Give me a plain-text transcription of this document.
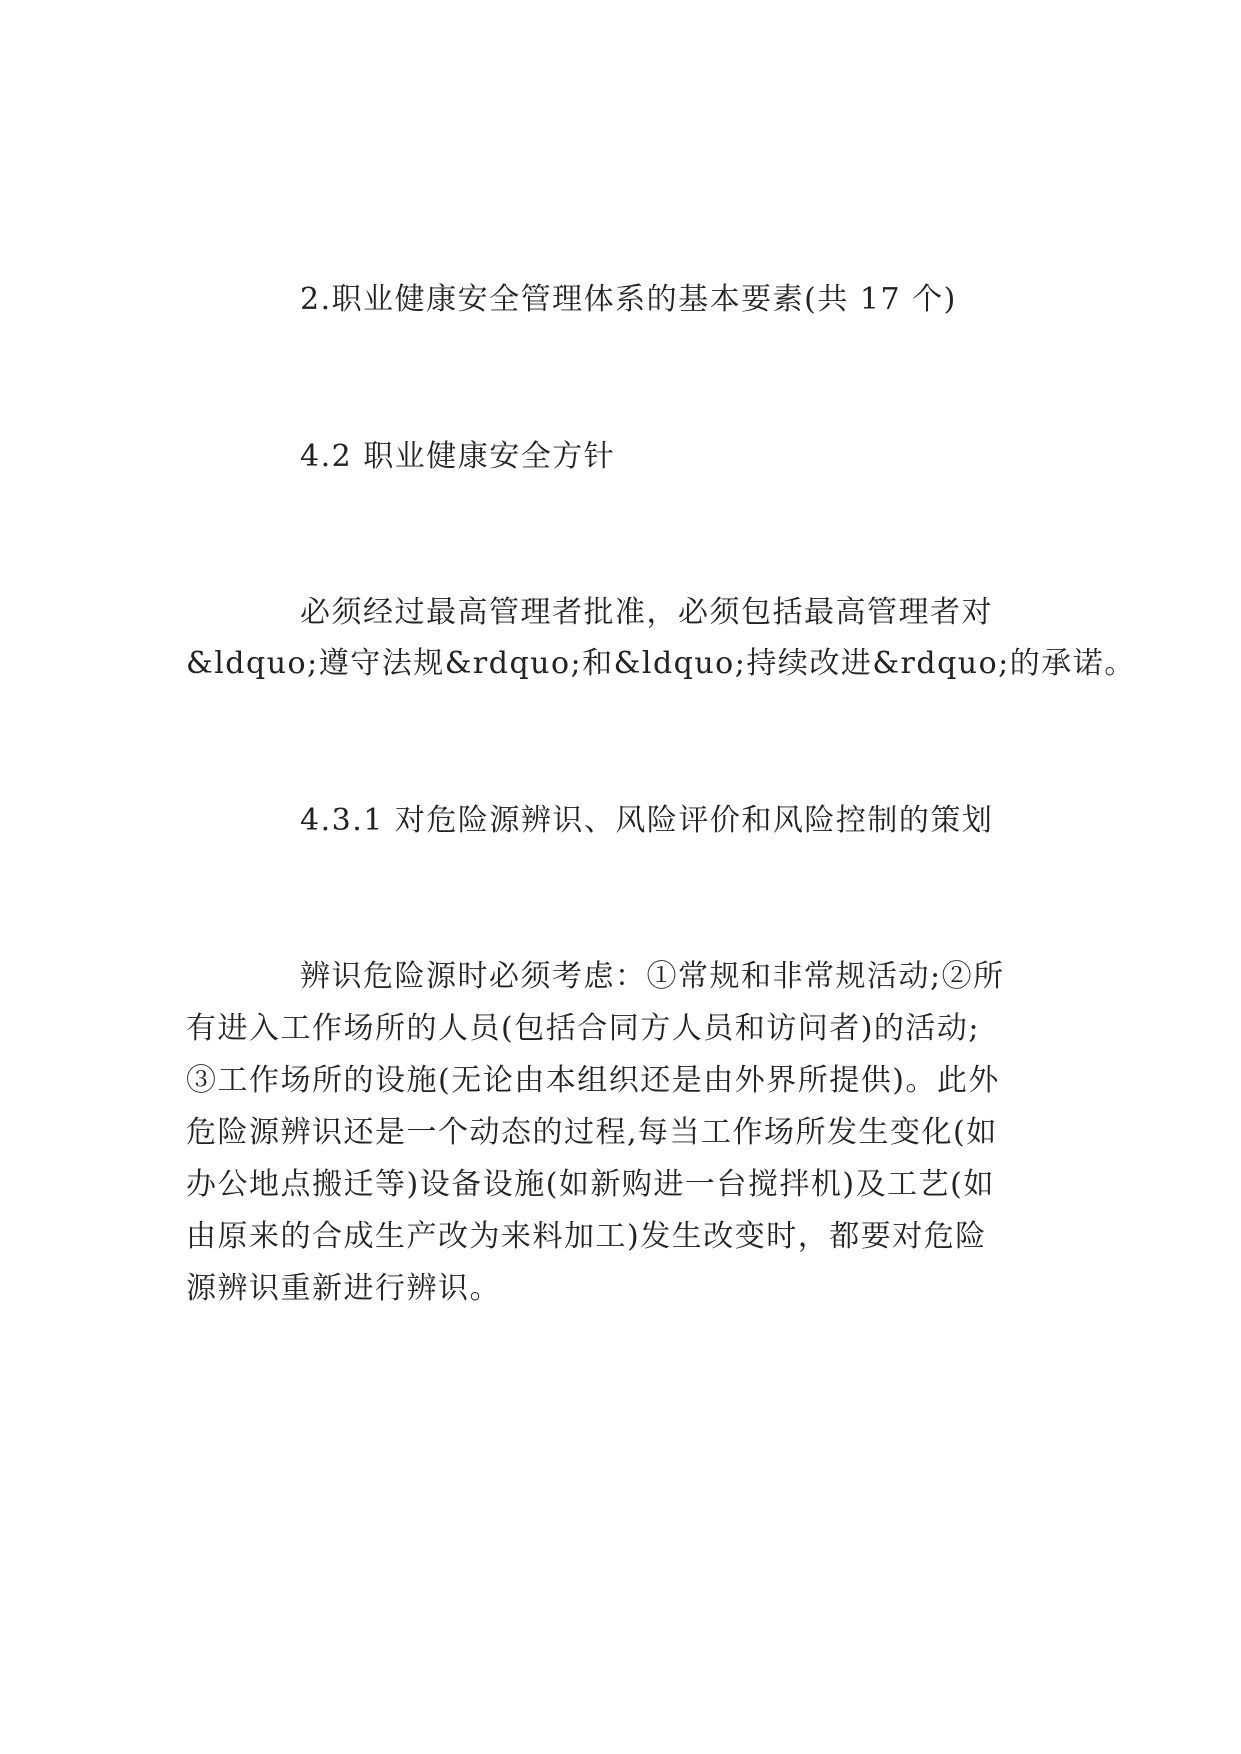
2.职业健康安全管理体系的基本要素(共 17 个)
4.2 职业健康安全方针
必须经过最高管理者批准，必须包括最高管理者对
&ldquo;遵守法规&rdquo;和&ldquo;持续改进&rdquo;的承诺。
4.3.1 对危险源辨识、风险评价和风险控制的策划
辨识危险源时必须考虑：①常规和非常规活动;②所
有进入工作场所的人员(包括合同方人员和访问者)的活动;
③工作场所的设施(无论由本组织还是由外界所提供)。此外
危险源辨识还是一个动态的过程,每当工作场所发生变化(如
办公地点搬迁等)设备设施(如新购进一台搅拌机)及工艺(如
由原来的合成生产改为来料加工)发生改变时，都要对危险
源辨识重新进行辨识。
